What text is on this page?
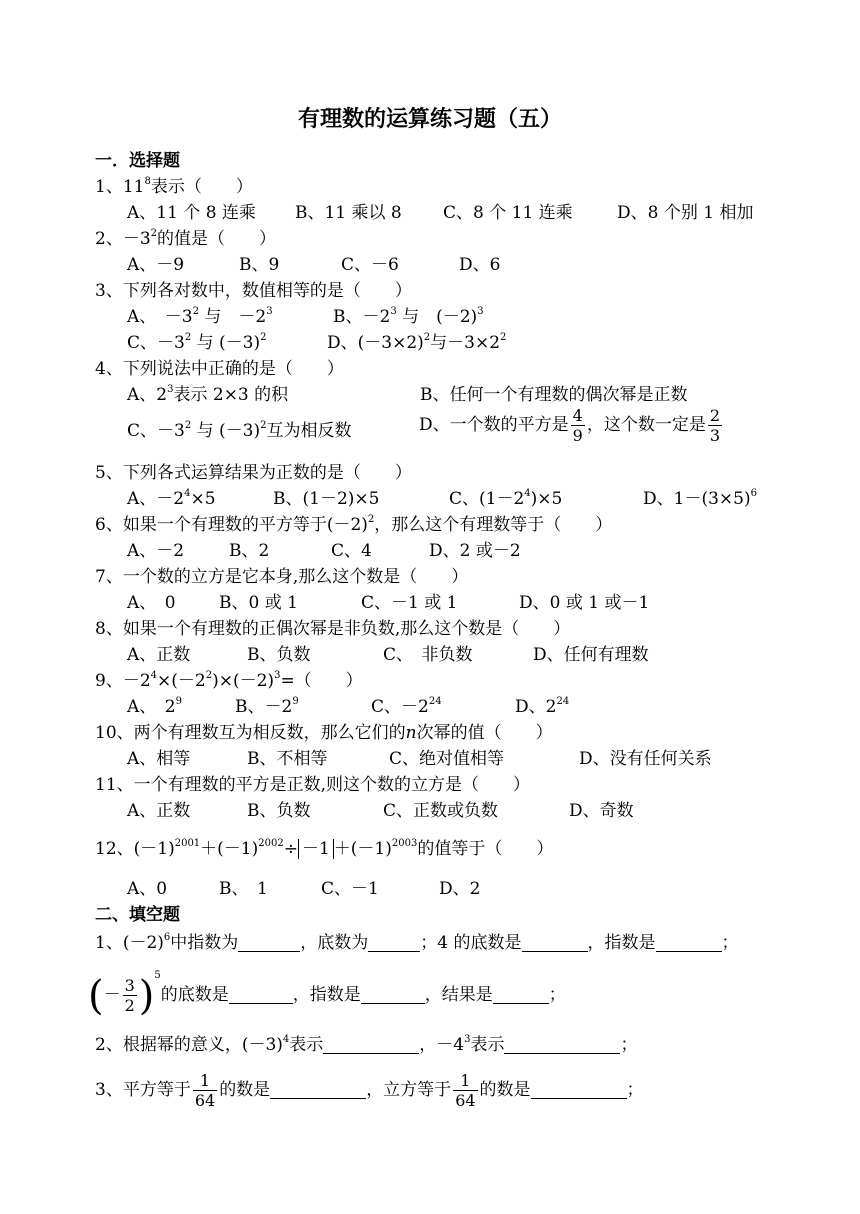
有理数的运算练习题（五）
一．选择题
1、$11^8$表示（　　）
A、11 个 8 连乘 B、11 乘以 8 C、8 个 11 连乘	D、8 个别 1 相加
2、$-3^2$的值是（　　）
A、－9	B、9	C、－6	D、6
3、下列各对数中，数值相等的是（　　）
A、　$-3^2$ 与　$-2^3$	B、$-2^3$ 与　$(-2)^3$
C、$-3^2$ 与 $(-3)^2$	D、$(-3\times 2)^2$与$-3\times 2^2$
4、下列说法中正确的是（　　）
A、$2^3$表示 2×3 的积	B、任何一个有理数的偶次幂是正数
C、$-3^2$ 与 $(-3)^2$互为相反数	D、一个数的平方是 $\frac{4}{9}$ ，这个数一定是 $\frac{2}{3}$
5、下列各式运算结果为正数的是（　　）
A、$-2^4\times 5$	B、(1－2)×5	C、$(1-2^4)\times 5$	D、$1-(3\times 5)^6$
6、如果一个有理数的平方等于$(-2)^2$，那么这个有理数等于（　　）
A、－2	B、2	C、4	D、2 或－2
7、一个数的立方是它本身,那么这个数是（　　）
A、　0	B、0 或 1	C、－1 或 1	D、0 或 1 或－1
8、如果一个有理数的正偶次幂是非负数,那么这个数是（　　）
A、正数	B、负数	C、　非负数	D、任何有理数
9、$-2^4\times(-2^2)\times(-2)^3=$（　　）
A、　$2^9$	B、$-2^9$	C、$-2^{24}$	D、$2^{24}$
10、两个有理数互为相反数，那么它们的n次幂的值（　　）
A、相等	B、不相等	C、绝对值相等	D、没有任何关系
11、一个有理数的平方是正数,则这个数的立方是（　　）
A、正数	B、负数	C、正数或负数	D、奇数
12、$(-1)^{2001}+(-1)^{2002}\div -1 +(-1)^{2003}$的值等于（　　）
A、0	B、　1	C、－1	D、2
二、填空题
1、$(-2)^6$中指数为	，底数为	；4 的底数是	，指数是	；
(－ $\frac{3}{2} )^5$的底数是	，指数是	，结果是	；
2、根据幂的意义，$(-3)^4$表示	，$-4^3$表示	；
3、平方等于 $\frac{1}{64}$ 的数是	，立方等于 $\frac{1}{64}$ 的数是	；
